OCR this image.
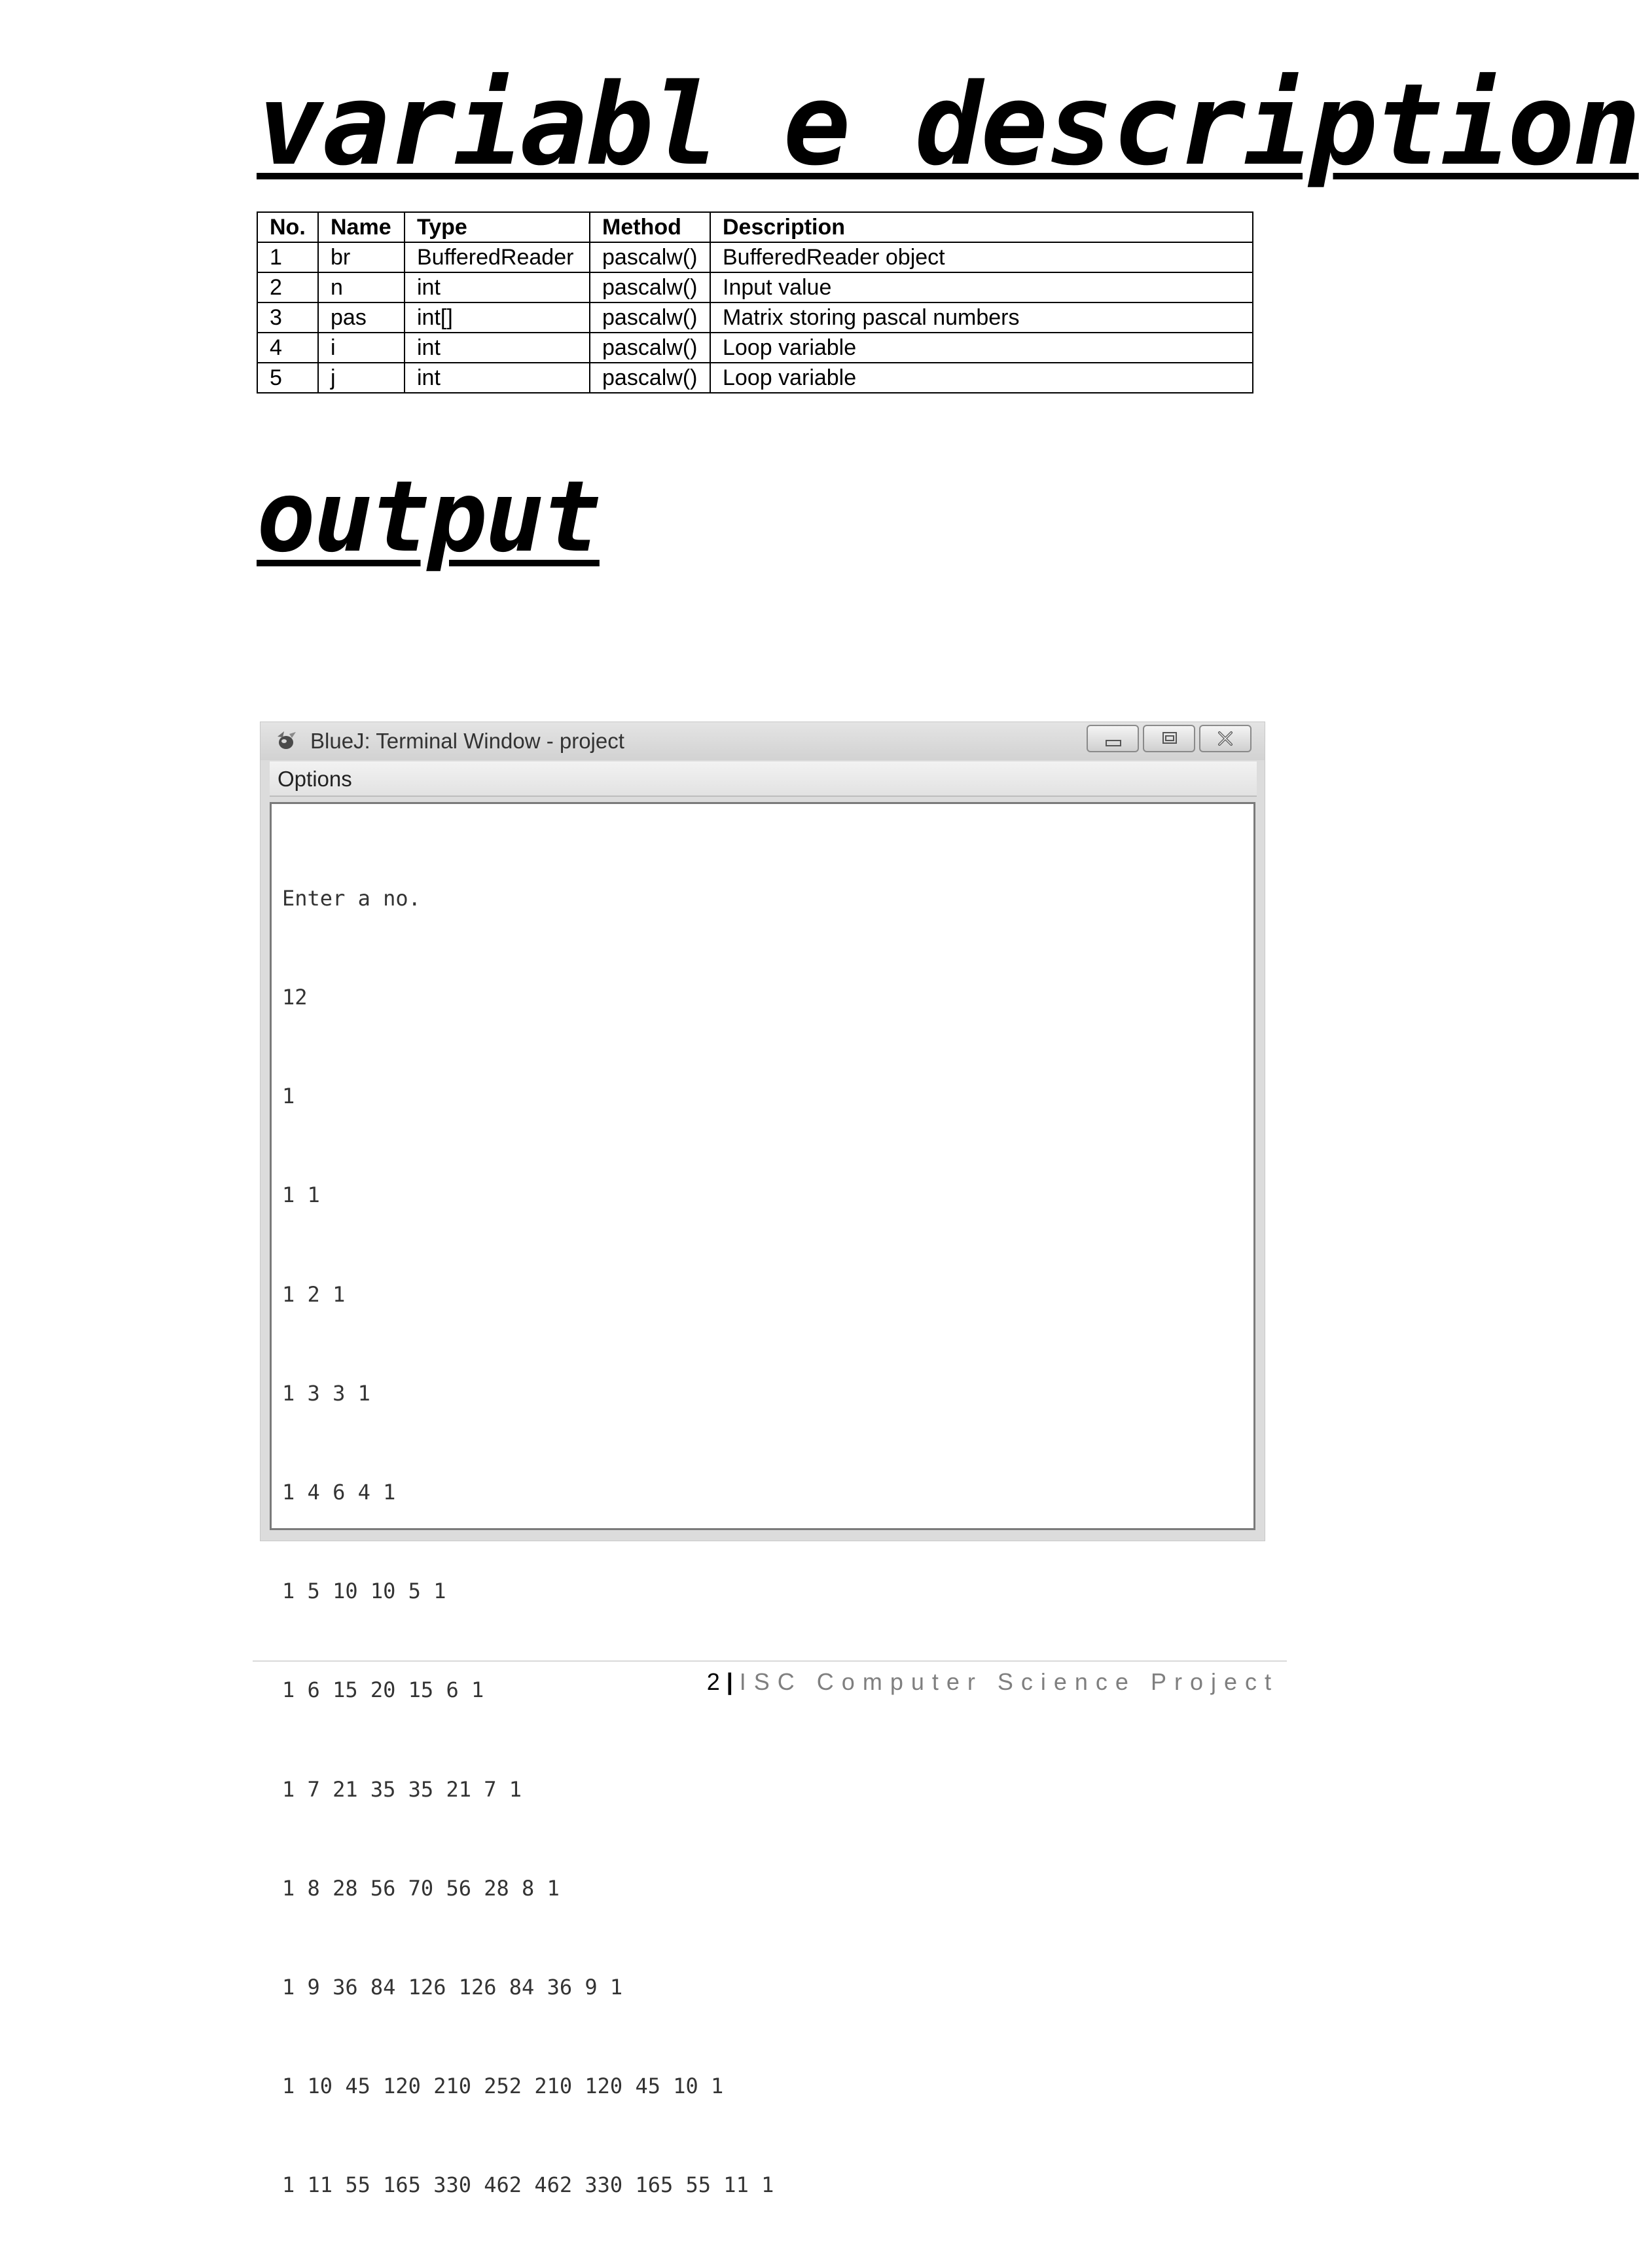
variabl e description
No.	Name	Type	Method	Description
1	br	BufferedReader	pascalw()	BufferedReader object
2	n	int	pascalw()	Input value
3	pas	int[]	pascalw()	Matrix storing pascal numbers
4	i	int	pascalw()	Loop variable
5	j	int	pascalw()	Loop variable
output
BlueJ: Terminal Window - project
Options

Enter a no.

12

1

1 1

1 2 1

1 3 3 1

1 4 6 4 1

1 5 10 10 5 1

1 6 15 20 15 6 1

1 7 21 35 35 21 7 1

1 8 28 56 70 56 28 8 1

1 9 36 84 126 126 84 36 9 1

1 10 45 120 210 252 210 120 45 10 1

1 11 55 165 330 462 462 330 165 55 11 1

2 | ISC Computer Science Project
